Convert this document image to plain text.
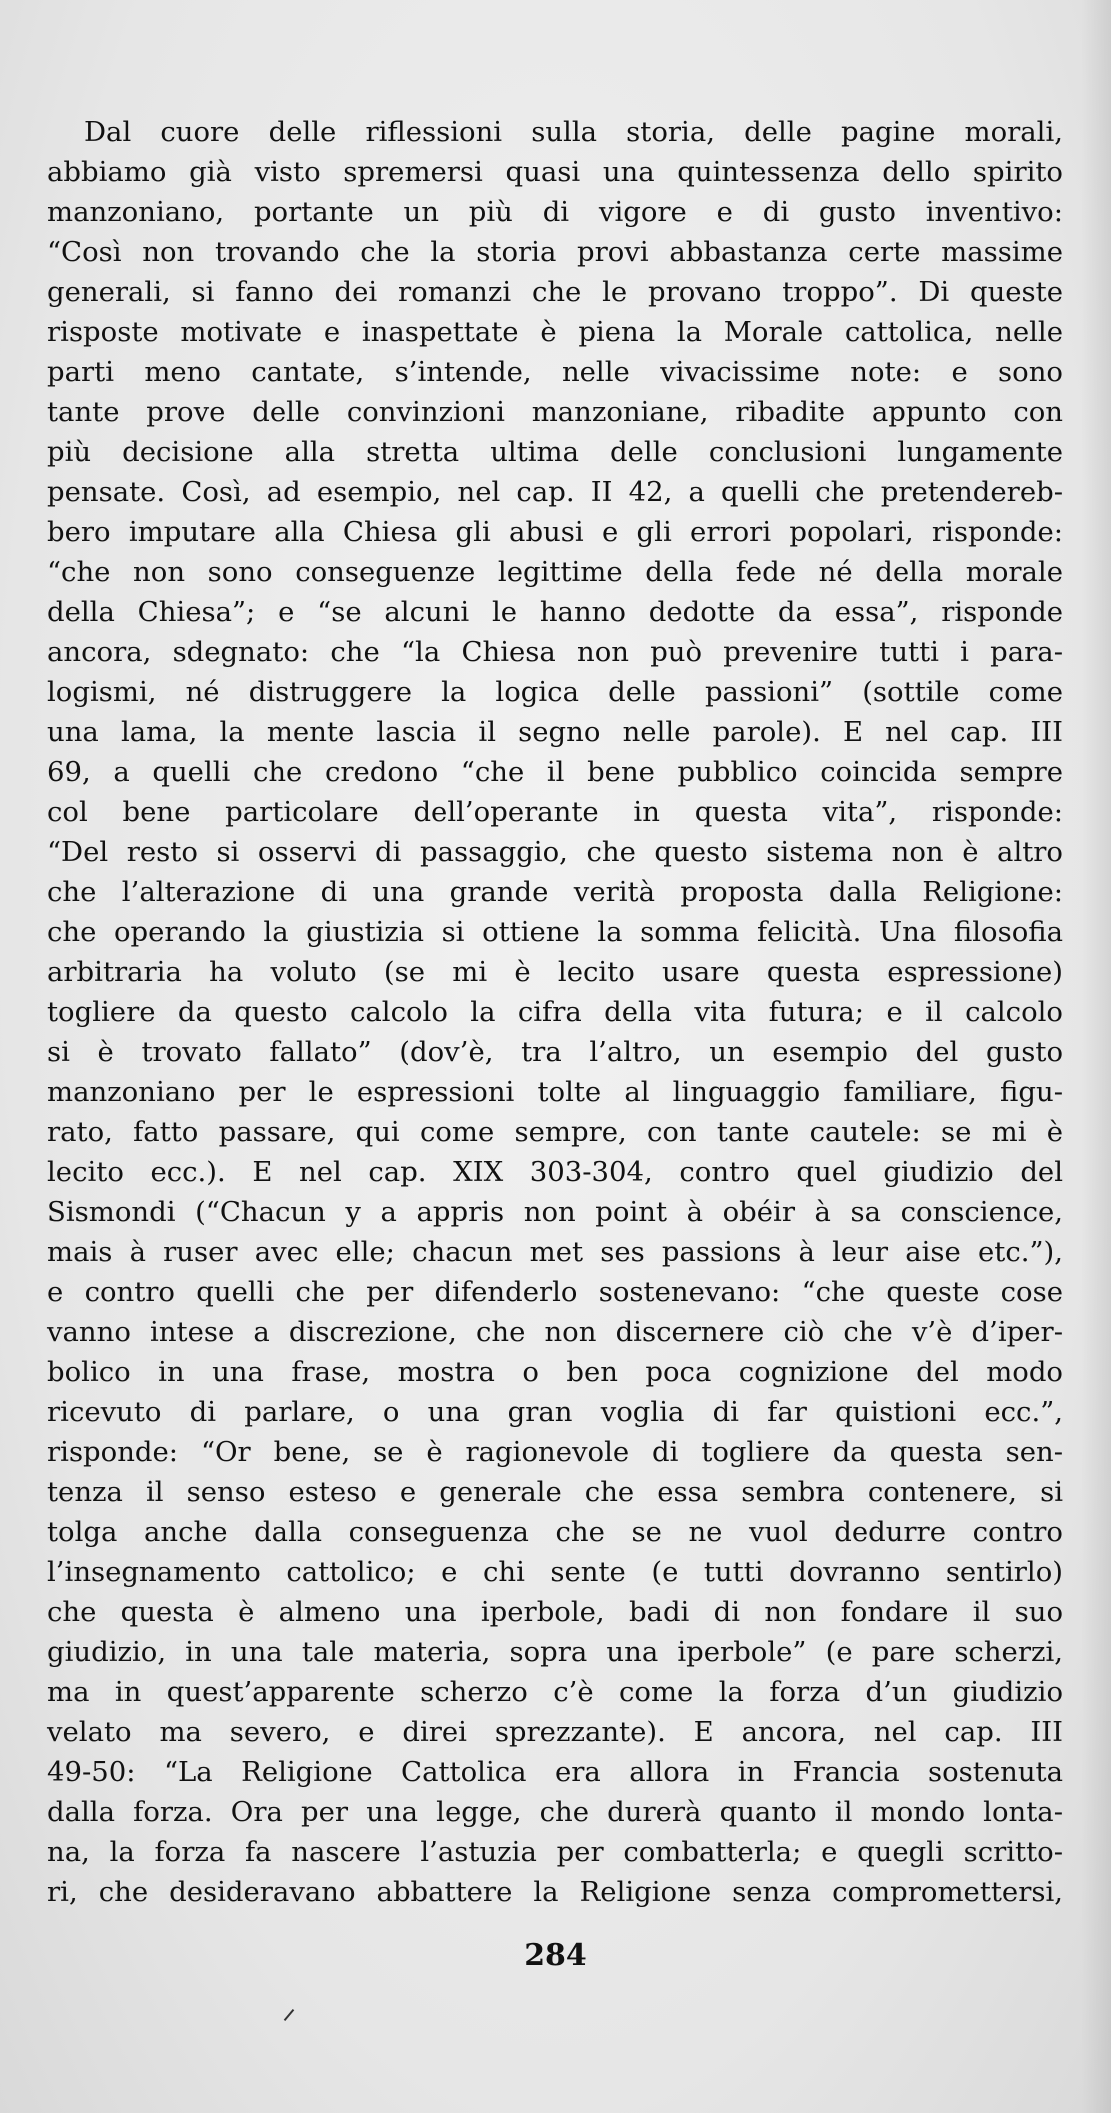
Dal cuore delle riflessioni sulla storia, delle pagine morali,
abbiamo già visto spremersi quasi una quintessenza dello spirito
manzoniano, portante un più di vigore e di gusto inventivo:
“Così non trovando che la storia provi abbastanza certe massime
generali, si fanno dei romanzi che le provano troppo”. Di queste
risposte motivate e inaspettate è piena la Morale cattolica, nelle
parti meno cantate, s’intende, nelle vivacissime note: e sono
tante prove delle convinzioni manzoniane, ribadite appunto con
più decisione alla stretta ultima delle conclusioni lungamente
pensate. Così, ad esempio, nel cap. II 42, a quelli che pretendereb-
bero imputare alla Chiesa gli abusi e gli errori popolari, risponde:
“che non sono conseguenze legittime della fede né della morale
della Chiesa”; e “se alcuni le hanno dedotte da essa”, risponde
ancora, sdegnato: che “la Chiesa non può prevenire tutti i para-
logismi, né distruggere la logica delle passioni” (sottile come
una lama, la mente lascia il segno nelle parole). E nel cap. III
69, a quelli che credono “che il bene pubblico coincida sempre
col bene particolare dell’operante in questa vita”, risponde:
“Del resto si osservi di passaggio, che questo sistema non è altro
che l’alterazione di una grande verità proposta dalla Religione:
che operando la giustizia si ottiene la somma felicità. Una filosofia
arbitraria ha voluto (se mi è lecito usare questa espressione)
togliere da questo calcolo la cifra della vita futura; e il calcolo
si è trovato fallato” (dov’è, tra l’altro, un esempio del gusto
manzoniano per le espressioni tolte al linguaggio familiare, figu-
rato, fatto passare, qui come sempre, con tante cautele: se mi è
lecito ecc.). E nel cap. XIX 303-304, contro quel giudizio del
Sismondi (“Chacun y a appris non point à obéir à sa conscience,
mais à ruser avec elle; chacun met ses passions à leur aise etc.”),
e contro quelli che per difenderlo sostenevano: “che queste cose
vanno intese a discrezione, che non discernere ciò che v’è d’iper-
bolico in una frase, mostra o ben poca cognizione del modo
ricevuto di parlare, o una gran voglia di far quistioni ecc.”,
risponde: “Or bene, se è ragionevole di togliere da questa sen-
tenza il senso esteso e generale che essa sembra contenere, si
tolga anche dalla conseguenza che se ne vuol dedurre contro
l’insegnamento cattolico; e chi sente (e tutti dovranno sentirlo)
che questa è almeno una iperbole, badi di non fondare il suo
giudizio, in una tale materia, sopra una iperbole” (e pare scherzi,
ma in quest’apparente scherzo c’è come la forza d’un giudizio
velato ma severo, e direi sprezzante). E ancora, nel cap. III
49-50: “La Religione Cattolica era allora in Francia sostenuta
dalla forza. Ora per una legge, che durerà quanto il mondo lonta-
na, la forza fa nascere l’astuzia per combatterla; e quegli scritto-
ri, che desideravano abbattere la Religione senza compromettersi,
284
